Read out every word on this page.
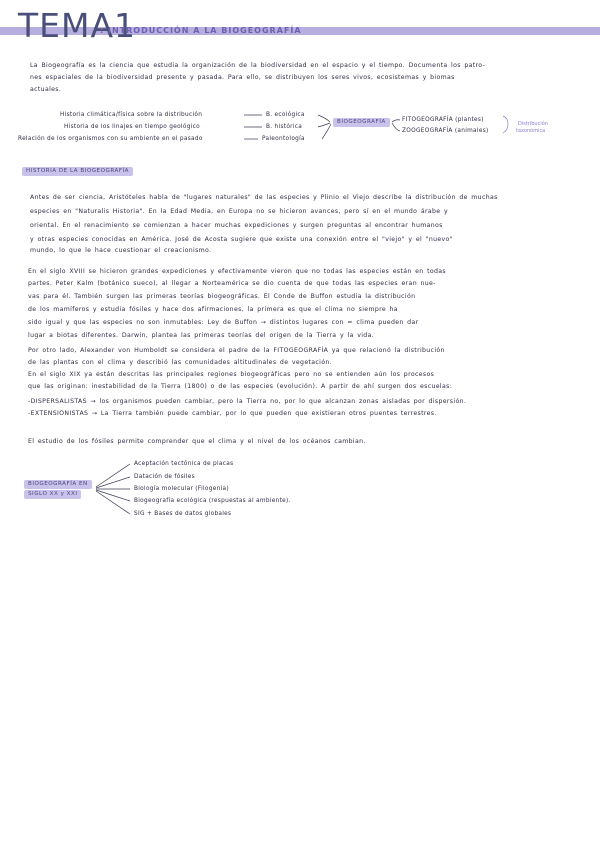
TEMA1
: INTRODUCCIÓN A LA BIOGEOGRAFÍA
La Biogeografía es la ciencia que estudia la organización de la biodiversidad en el espacio y el tiempo. Documenta los patro-
nes espaciales de la biodiversidad presente y pasada. Para ello, se distribuyen los seres vivos, ecosistemas y biomas
actuales.
Historia climática/física sobre la distribución
Historia de los linajes en tiempo geológico
Relación de los organismos con su ambiente en el pasado
B. ecológica
B. histórica
Paleontología
BIOGEOGRAFÍA	FITOGEOGRAFÍA (plantes)
ZOOGEOGRAFÍA (animales)
Distribución
taxonómica
HISTORIA DE LA BIOGEOGRAFÍA
Antes de ser ciencia, Aristóteles habla de "lugares naturales" de las especies y Plinio el Viejo describe la distribución de muchas
especies en "Naturalis Historia". En la Edad Media, en Europa no se hicieron avances, pero sí en el mundo árabe y
oriental. En el renacimiento se comienzan a hacer muchas expediciones y surgen preguntas al encontrar humanos
y otras especies conocidas en América. José de Acosta sugiere que existe una conexión entre el "viejo" y el "nuevo"
mundo, lo que le hace cuestionar el creacionismo.
En el siglo XVIII se hicieron grandes expediciones y efectivamente vieron que no todas las especies están en todas
partes. Peter Kalm (botánico sueco), al llegar a Norteamérica se dio cuenta de que todas las especies eran nue-
vas para él. También surgen las primeras teorías biogeográficas. El Conde de Buffon estudia la distribución
de los mamíferos y estudia fósiles y hace dos afirmaciones, la primera es que el clima no siempre ha
sido igual y que las especies no son inmutables: Ley de Buffon → distintos lugares con = clima pueden dar
lugar a biotas diferentes. Darwin, plantea las primeras teorías del origen de la Tierra y la vida.
Por otro lado, Alexander von Humboldt se considera el padre de la FITOGEOGRAFÍA ya que relacionó la distribución
de las plantas con el clima y describió las comunidades altitudinales de vegetación.
En el siglo XIX ya están descritas las principales regiones biogeográficas pero no se entienden aún los procesos
que las originan: inestabilidad de la Tierra (1800) o de las especies (evolución). A partir de ahí surgen dos escuelas:
-DISPERSALISTAS → los organismos pueden cambiar, pero la Tierra no, por lo que alcanzan zonas aisladas por dispersión.
-EXTENSIONISTAS → La Tierra también puede cambiar, por lo que pueden que existieran otros puentes terrestres.
El estudio de los fósiles permite comprender que el clima y el nivel de los océanos cambian.
BIOGEOGRAFÍA EN
SIGLO XX y XXI
Aceptación tectónica de placas
Datación de fósiles
Biología molecular (Filogenia)
Biogeografía ecológica (respuestas al ambiente).
SIG + Bases de datos globales
